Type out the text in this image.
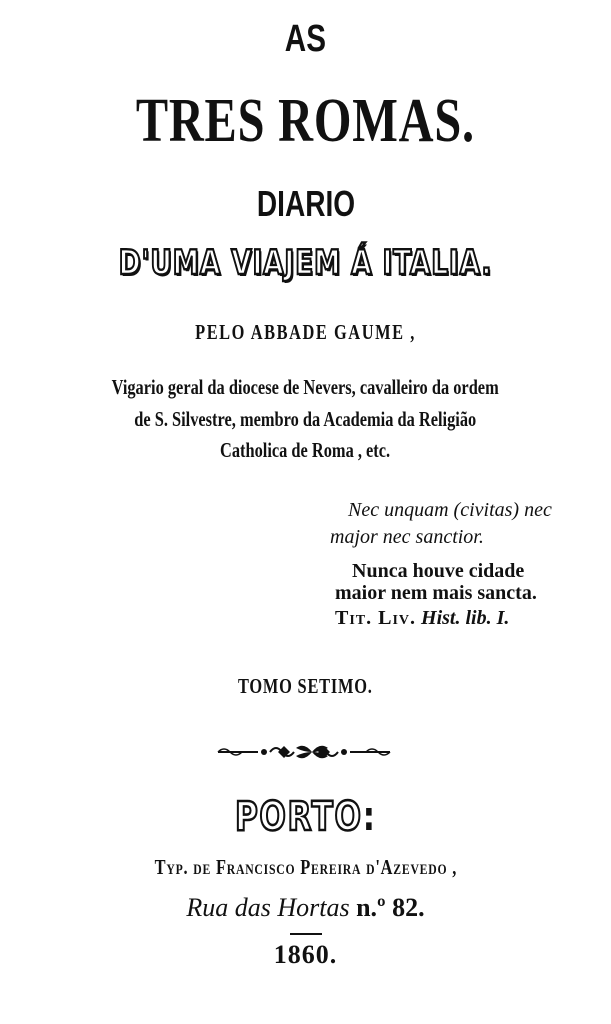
AS
TRES ROMAS.
DIARIO
D'UMA VIAJEM Á ITALIA.
PELO ABBADE GAUME ,
Vigario geral da diocese de Nevers, cavalleiro da ordem
de S. Silvestre, membro da Academia da Religião
Catholica de Roma , etc.
Nec unquam (civitas) nec
major nec sanctior.
Nunca houve cidade
maior nem mais sancta.
Tit. Liv. Hist. lib. I.
TOMO SETIMO.
PORTO:
Typ. de Francisco Pereira d'Azevedo ,
Rua das Hortas n.º 82.
1860.
